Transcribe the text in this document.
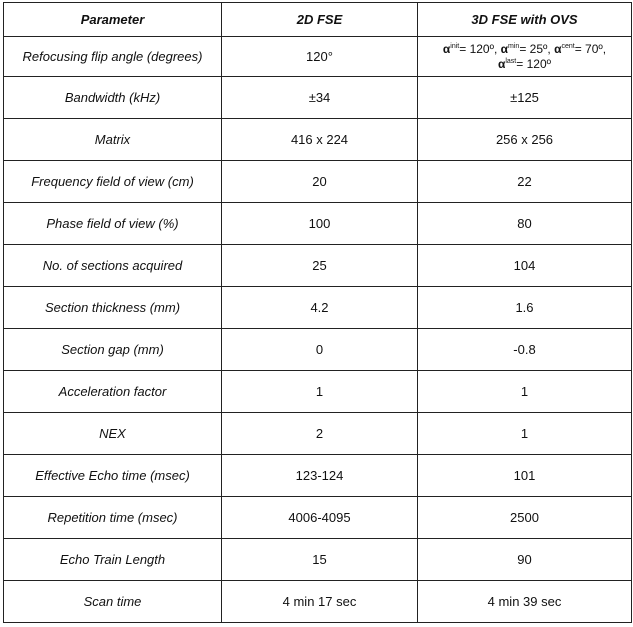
Parameter	2D FSE	3D FSE with OVS
Refocusing flip angle (degrees)	120°	$\alpha^{init}=$ 120º, $\alpha^{min}=$ 25º, $\alpha^{cent}=$ 70º,
$\alpha^{last}=$ 120º
Bandwidth (kHz)	±34	±125
Matrix	416 x 224	256 x 256
Frequency field of view (cm)	20	22
Phase field of view (%)	100	80
No. of sections acquired	25	104
Section thickness (mm)	4.2	1.6
Section gap (mm)	0	-0.8
Acceleration factor	1	1
NEX	2	1
Effective Echo time (msec)	123-124	101
Repetition time (msec)	4006-4095	2500
Echo Train Length	15	90
Scan time	4 min 17 sec	4 min 39 sec
